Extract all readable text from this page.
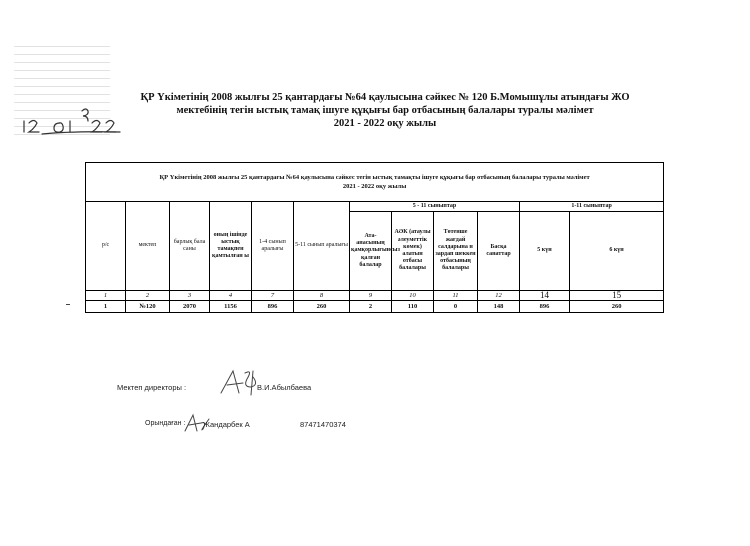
ҚР Үкіметінің 2008 жылғы 25 қантардағы №64 қаулысына сәйкес № 120 Б.Момышұлы атындағы ЖО
мектебінің тегін ыстық тамақ ішуге құқығы бар отбасының балалары туралы мәлімет
2021 - 2022 оқу жылы
ҚР Үкіметінің 2008 жылғы 25 қантардағы №64 қаулысына сәйкес тегін ыстық тамақты ішуге құқығы бар отбасының балалары туралы мәлімет
2021 - 2022 оқу жылы											

р/с	мектеп	барлық бала саны	оның ішінде ыстық тамақпен қамтылған ы	1-4 сынып аралығы	5-11 сынып аралығы	5 - 11 сыныптар				1-11 сыныптар	
						Ата-анасының қамқорлығынсыз қалған балалар	АӘК (атаулы әлеуметтік көмек) алатын отбасы балалары	Төтенше жағдай салдарына н зардап шеккен отбасының балалары	Басқа санаттар	5 күн	6 күн
1	2	3	4	7	8	9	10	11	12	14	15
1	№120	2070	1156	896	260	2	110	0	148	896	260
Мектеп директоры :	В.И.Абылбаева
Орындаған : Жандарбек А	87471470374
